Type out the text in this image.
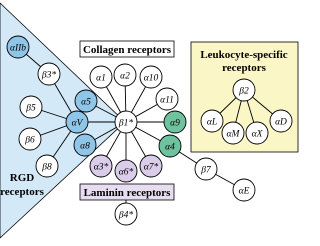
RGD
receptors
Leukocyte-specific
receptors
Collagen receptors
Laminin receptors
αIIb
β3*
β5
β6
β8
αV
α5
α8
β1*
α1 α2 α10
α11
α9
α4
α3* α6* α7*
β4*
β7
αE
β2
αL
αM αX
αD
